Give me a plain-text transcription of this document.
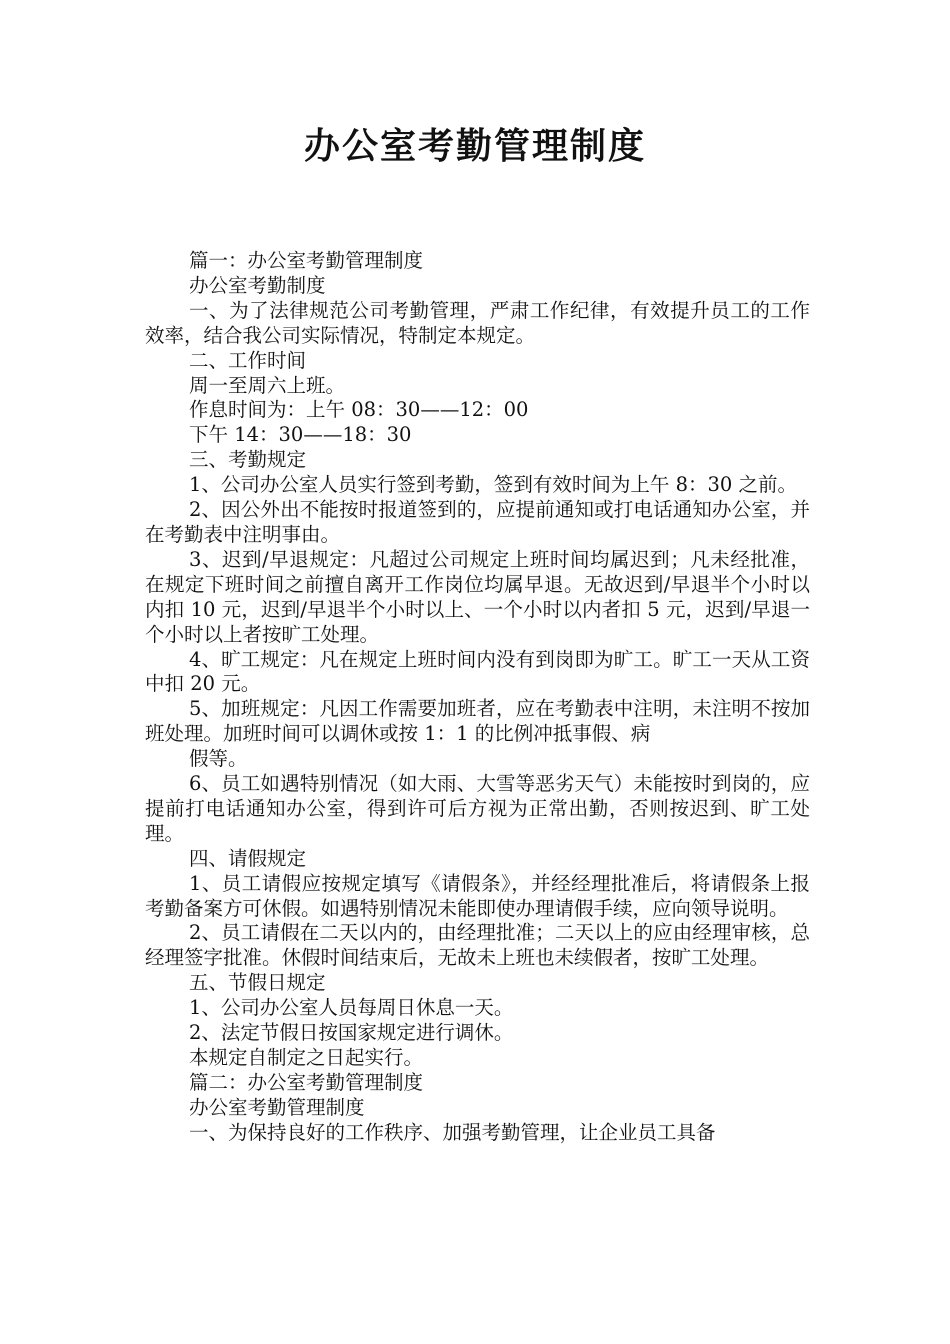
办公室考勤管理制度

篇一：办公室考勤管理制度

办公室考勤制度

一、为了法律规范公司考勤管理，严肃工作纪律，有效提升员工的工作效率，结合我公司实际情况，特制定本规定。

二、工作时间

周一至周六上班。

作息时间为：上午 08：30——12：00

下午 14：30——18：30

三、考勤规定

1、公司办公室人员实行签到考勤，签到有效时间为上午 8：30 之前。

2、因公外出不能按时报道签到的，应提前通知或打电话通知办公室，并在考勤表中注明事由。

3、迟到/早退规定：凡超过公司规定上班时间均属迟到；凡未经批准，在规定下班时间之前擅自离开工作岗位均属早退。无故迟到/早退半个小时以内扣 10 元，迟到/早退半个小时以上、一个小时以内者扣 5 元，迟到/早退一个小时以上者按旷工处理。

4、旷工规定：凡在规定上班时间内没有到岗即为旷工。旷工一天从工资中扣 20 元。

5、加班规定：凡因工作需要加班者，应在考勤表中注明，未注明不按加班处理。加班时间可以调休或按 1：1 的比例冲抵事假、病

假等。

6、员工如遇特别情况（如大雨、大雪等恶劣天气）未能按时到岗的，应提前打电话通知办公室，得到许可后方视为正常出勤，否则按迟到、旷工处理。

四、请假规定

1、员工请假应按规定填写《请假条》，并经经理批准后，将请假条上报考勤备案方可休假。如遇特别情况未能即使办理请假手续，应向领导说明。

2、员工请假在二天以内的，由经理批准；二天以上的应由经理审核，总经理签字批准。休假时间结束后，无故未上班也未续假者，按旷工处理。

五、节假日规定

1、公司办公室人员每周日休息一天。

2、法定节假日按国家规定进行调休。

本规定自制定之日起实行。

篇二：办公室考勤管理制度

办公室考勤管理制度

一、为保持良好的工作秩序、加强考勤管理，让企业员工具备
